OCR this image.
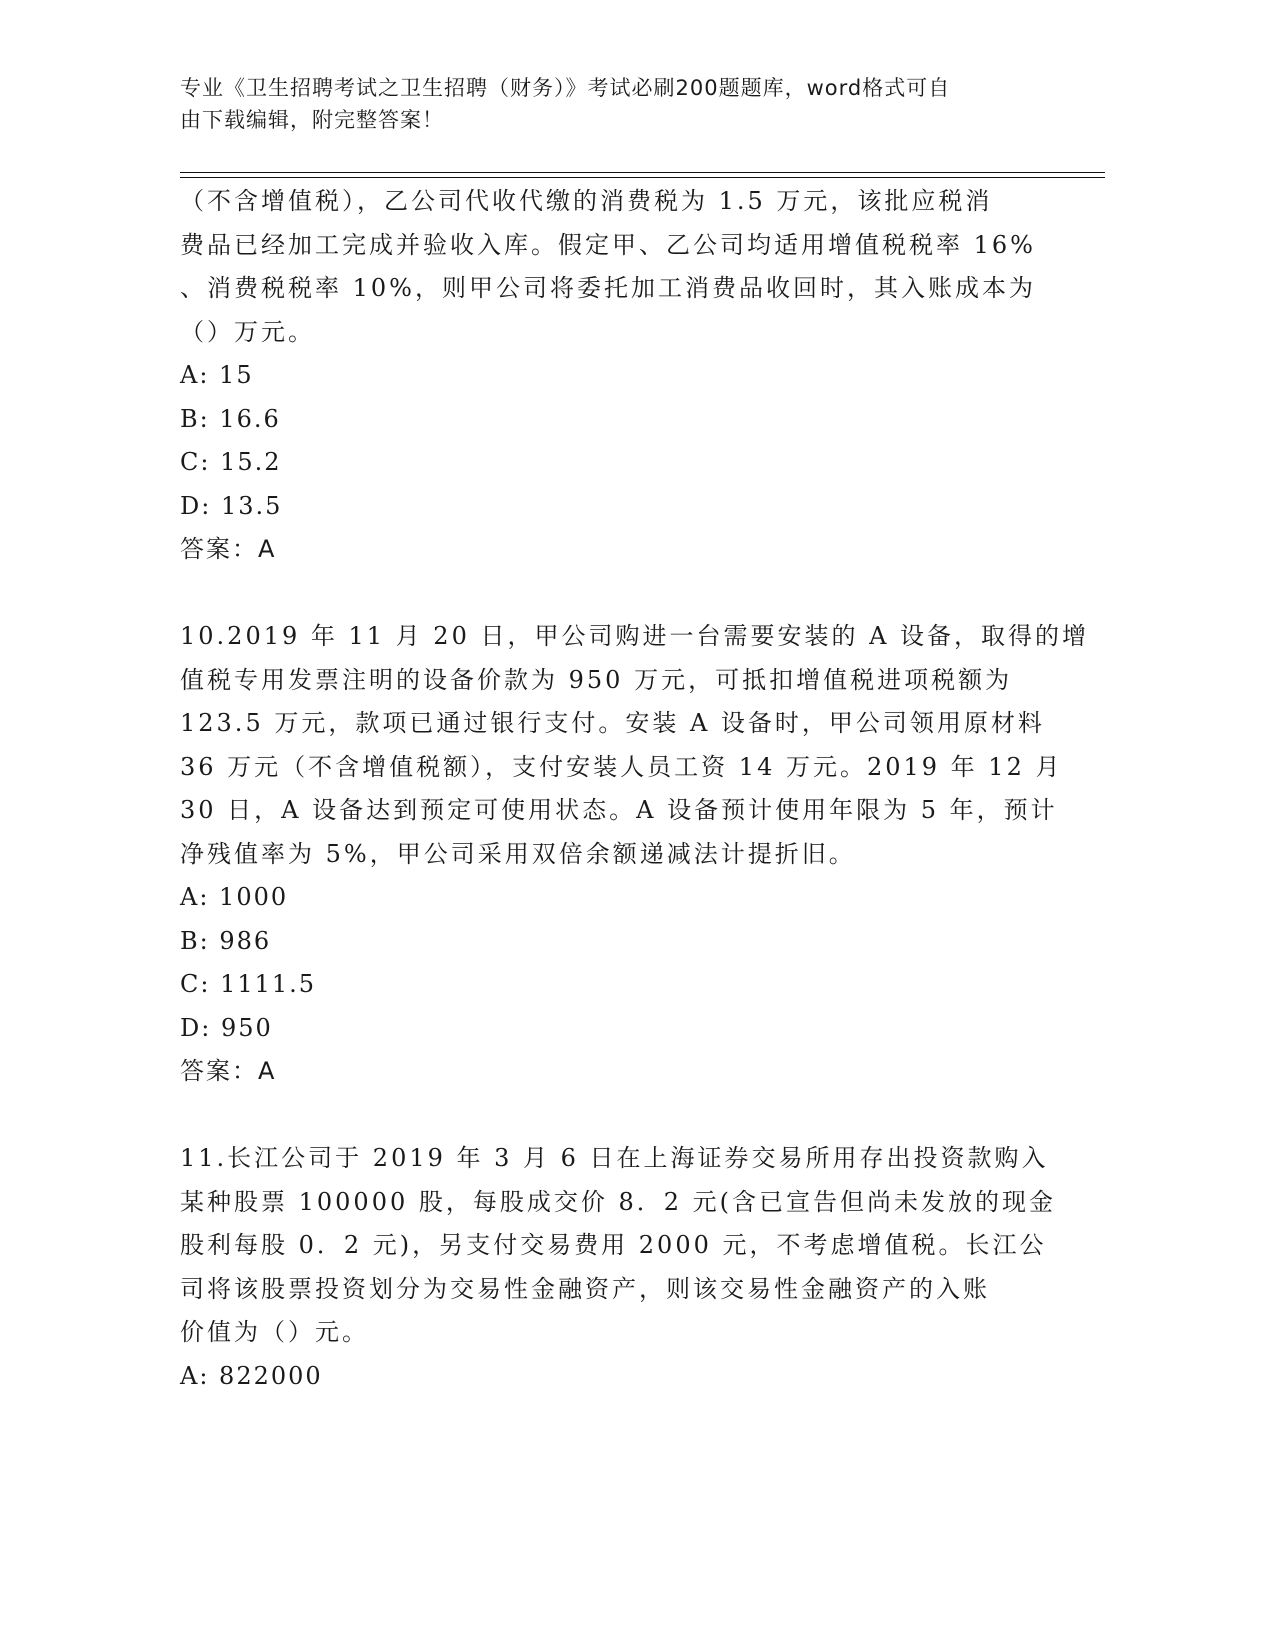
专业《卫生招聘考试之卫生招聘（财务）》考试必刷200题题库，word格式可自
由下载编辑，附完整答案！
（不含增值税），乙公司代收代缴的消费税为 1.5 万元，该批应税消
费品已经加工完成并验收入库。假定甲、乙公司均适用增值税税率 16%
、消费税税率 10%，则甲公司将委托加工消费品收回时，其入账成本为
（）万元。
A: 15
B: 16.6
C: 15.2
D: 13.5
答案：A
10.2019 年 11 月 20 日，甲公司购进一台需要安装的 A 设备，取得的增
值税专用发票注明的设备价款为 950 万元，可抵扣增值税进项税额为
123.5 万元，款项已通过银行支付。安装 A 设备时，甲公司领用原材料
36 万元（不含增值税额），支付安装人员工资 14 万元。2019 年 12 月
30 日，A 设备达到预定可使用状态。A 设备预计使用年限为 5 年，预计
净残值率为 5%，甲公司采用双倍余额递减法计提折旧。
A: 1000
B: 986
C: 1111.5
D: 950
答案：A
11.长江公司于 2019 年 3 月 6 日在上海证券交易所用存出投资款购入
某种股票 100000 股，每股成交价 8．2 元(含已宣告但尚未发放的现金
股利每股 0．2 元)，另支付交易费用 2000 元，不考虑增值税。长江公
司将该股票投资划分为交易性金融资产，则该交易性金融资产的入账
价值为（）元。
A: 822000
